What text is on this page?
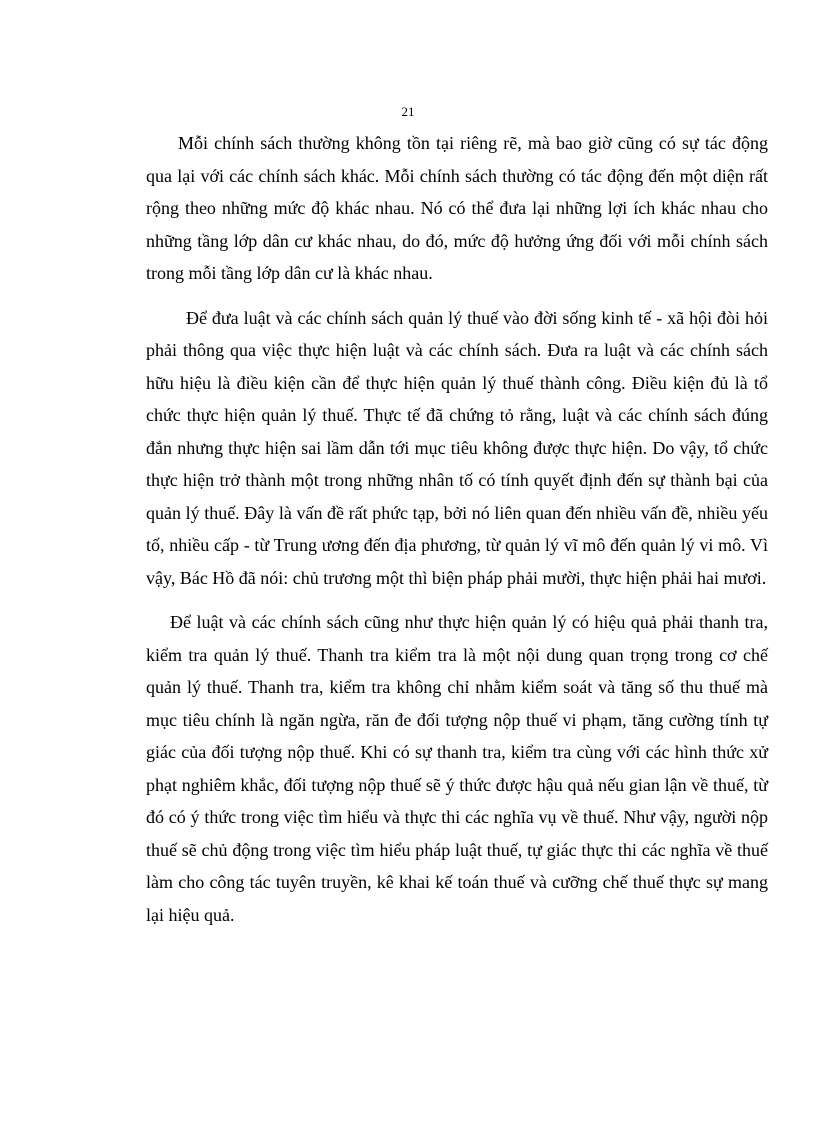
21

Mỗi chính sách thường không tồn tại riêng rẽ, mà bao giờ cũng có sự tác động qua lại với các chính sách khác. Mỗi chính sách thường có tác động đến một diện rất rộng theo những mức độ khác nhau. Nó có thể đưa lại những lợi ích khác nhau cho những tầng lớp dân cư khác nhau, do đó, mức độ hưởng ứng đối với mỗi chính sách trong mỗi tầng lớp dân cư là khác nhau.

Để đưa luật và các chính sách quản lý thuế vào đời sống kinh tế - xã hội đòi hỏi phải thông qua việc thực hiện luật và các chính sách. Đưa ra luật và các chính sách hữu hiệu là điều kiện cần để thực hiện quản lý thuế thành công. Điều kiện đủ là tổ chức thực hiện quản lý thuế. Thực tế đã chứng tỏ rằng, luật và các chính sách đúng đắn nhưng thực hiện sai lầm dẫn tới mục tiêu không được thực hiện. Do vậy, tổ chức thực hiện trở thành một trong những nhân tố có tính quyết định đến sự thành bại của quản lý thuế. Đây là vấn đề rất phức tạp, bởi nó liên quan đến nhiều vấn đề, nhiều yếu tố, nhiều cấp - từ Trung ương đến địa phương, từ quản lý vĩ mô đến quản lý vi mô. Vì vậy, Bác Hồ đã nói: chủ trương một thì biện pháp phải mười, thực hiện phải hai mươi.

Để luật và các chính sách cũng như thực hiện quản lý có hiệu quả phải thanh tra, kiểm tra quản lý thuế. Thanh tra kiểm tra là một nội dung quan trọng trong cơ chế quản lý thuế. Thanh tra, kiểm tra không chỉ nhằm kiểm soát và tăng số thu thuế mà mục tiêu chính là ngăn ngừa, răn đe đối tượng nộp thuế vi phạm, tăng cường tính tự giác của đối tượng nộp thuế. Khi có sự thanh tra, kiểm tra cùng với các hình thức xử phạt nghiêm khắc, đối tượng nộp thuế sẽ ý thức được hậu quả nếu gian lận về thuế, từ đó có ý thức trong việc tìm hiểu và thực thi các nghĩa vụ về thuế. Như vậy, người nộp thuế sẽ chủ động trong việc tìm hiểu pháp luật thuế, tự giác thực thi các nghĩa về thuế làm cho công tác tuyên truyền, kê khai kế toán thuế và cưỡng chế thuế thực sự mang lại hiệu quả.
